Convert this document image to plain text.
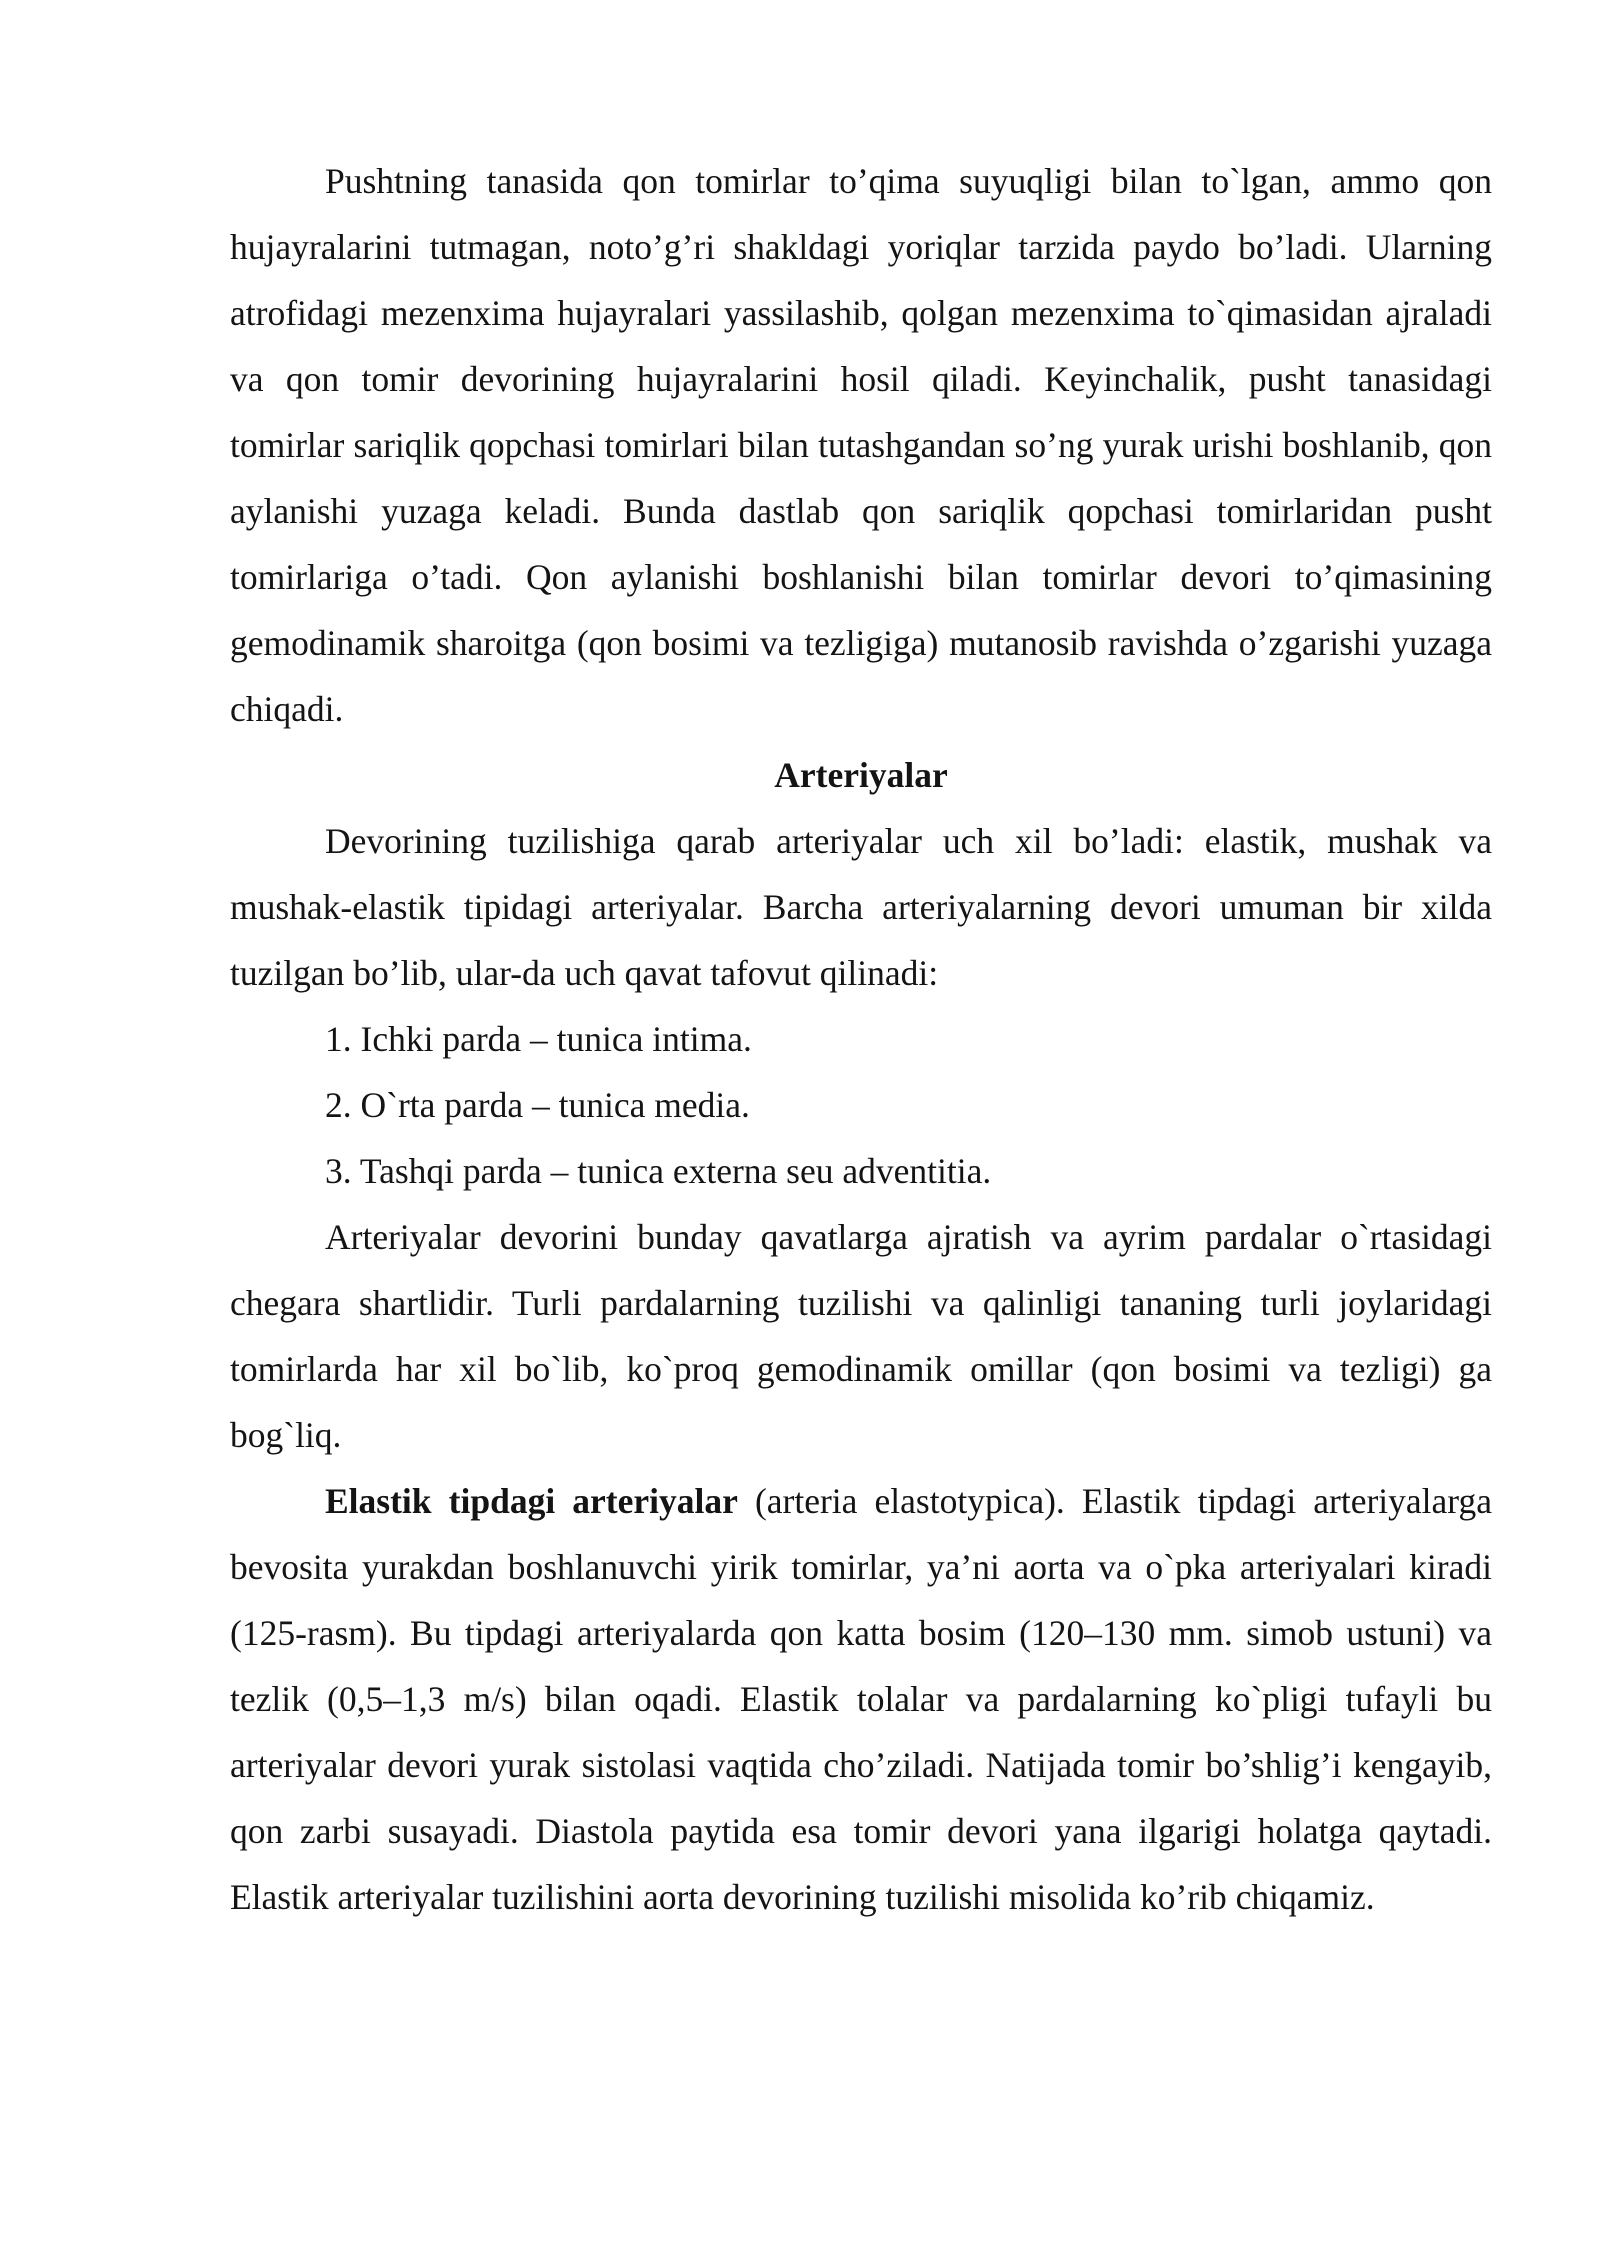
Pushtning tanasida qon tomirlar to’qima suyuqligi bilan to`lgan, ammo qon hujayralarini tutmagan, noto’g’ri shakldagi yoriqlar tarzida paydo bo’ladi. Ularning atrofidagi mezenxima hujayralari yassilashib, qolgan mezenxima to`qimasidan ajraladi va qon tomir devorining hujayralarini hosil qiladi. Keyinchalik, pusht tanasidagi tomirlar sariqlik qopchasi tomirlari bilan tutashgandan so’ng yurak urishi boshlanib, qon aylanishi yuzaga keladi. Bunda dastlab qon sariqlik qopchasi tomirlaridan pusht tomirlariga o’tadi. Qon aylanishi boshlanishi bilan tomirlar devori to’qimasining gemodinamik sharoitga (qon bosimi va tezligiga) mutanosib ravishda o’zgarishi yuzaga chiqadi.

Arteriyalar

Devorining tuzilishiga qarab arteriyalar uch xil bo’ladi: elastik, mushak va mushak-elastik tipidagi arteriyalar. Barcha arteriyalarning devori umuman bir xilda tuzilgan bo’lib, ular-da uch qavat tafovut qilinadi:

1. Ichki parda – tunica intima.
2. O`rta parda – tunica media.
3. Tashqi parda – tunica externa seu adventitia.

Arteriyalar devorini bunday qavatlarga ajratish va ayrim pardalar o`rtasidagi chegara shartlidir. Turli pardalarning tuzilishi va qalinligi tananing turli joylaridagi tomirlarda har xil bo`lib, ko`proq gemodinamik omillar (qon bosimi va tezligi) ga bog`liq.

Elastik tipdagi arteriyalar (arteria elastotypica). Elastik tipdagi arteriyalarga bevosita yurakdan boshlanuvchi yirik tomirlar, ya’ni aorta va o`pka arteriyalari kiradi (125-rasm). Bu tipdagi arteriyalarda qon katta bosim (120–130 mm. simob ustuni) va tezlik (0,5–1,3 m/s) bilan oqadi. Elastik tolalar va pardalarning ko`pligi tufayli bu arteriyalar devori yurak sistolasi vaqtida cho’ziladi. Natijada tomir bo’shlig’i kengayib, qon zarbi susayadi. Diastola paytida esa tomir devori yana ilgarigi holatga qaytadi. Elastik arteriyalar tuzilishini aorta devorining tuzilishi misolida ko’rib chiqamiz.
